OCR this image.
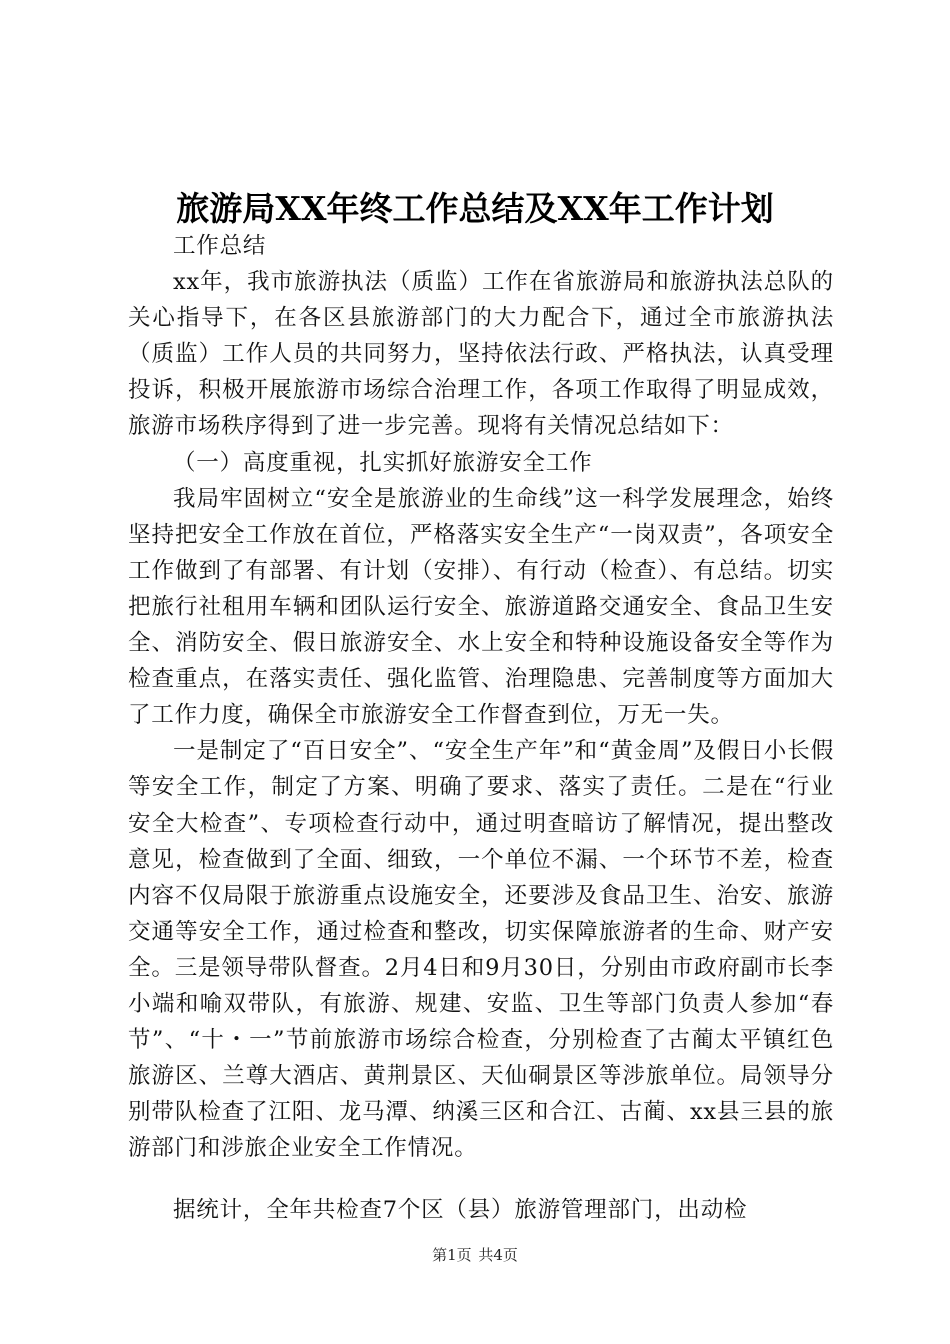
旅游局XX年终工作总结及XX年工作计划

工作总结

xx年，我市旅游执法（质监）工作在省旅游局和旅游执法总队的关心指导下，在各区县旅游部门的大力配合下，通过全市旅游执法（质监）工作人员的共同努力，坚持依法行政、严格执法，认真受理投诉，积极开展旅游市场综合治理工作，各项工作取得了明显成效，旅游市场秩序得到了进一步完善。现将有关情况总结如下：

（一）高度重视，扎实抓好旅游安全工作

我局牢固树立“安全是旅游业的生命线”这一科学发展理念，始终坚持把安全工作放在首位，严格落实安全生产“一岗双责”，各项安全工作做到了有部署、有计划（安排）、有行动（检查）、有总结。切实把旅行社租用车辆和团队运行安全、旅游道路交通安全、食品卫生安全、消防安全、假日旅游安全、水上安全和特种设施设备安全等作为检查重点，在落实责任、强化监管、治理隐患、完善制度等方面加大了工作力度，确保全市旅游安全工作督查到位，万无一失。

一是制定了“百日安全”、“安全生产年”和“黄金周”及假日小长假等安全工作，制定了方案、明确了要求、落实了责任。二是在“行业安全大检查”、专项检查行动中，通过明查暗访了解情况，提出整改意见，检查做到了全面、细致，一个单位不漏、一个环节不差，检查内容不仅局限于旅游重点设施安全，还要涉及食品卫生、治安、旅游交通等安全工作，通过检查和整改，切实保障旅游者的生命、财产安全。三是领导带队督查。2月4日和9月30日，分别由市政府副市长李小端和喻双带队，有旅游、规建、安监、卫生等部门负责人参加“春节”、“十・一”节前旅游市场综合检查，分别检查了古蔺太平镇红色旅游区、兰尊大酒店、黄荆景区、天仙硐景区等涉旅单位。局领导分别带队检查了江阳、龙马潭、纳溪三区和合江、古蔺、xx县三县的旅游部门和涉旅企业安全工作情况。

据统计，全年共检查7个区（县）旅游管理部门，出动检

第1页 共4页
